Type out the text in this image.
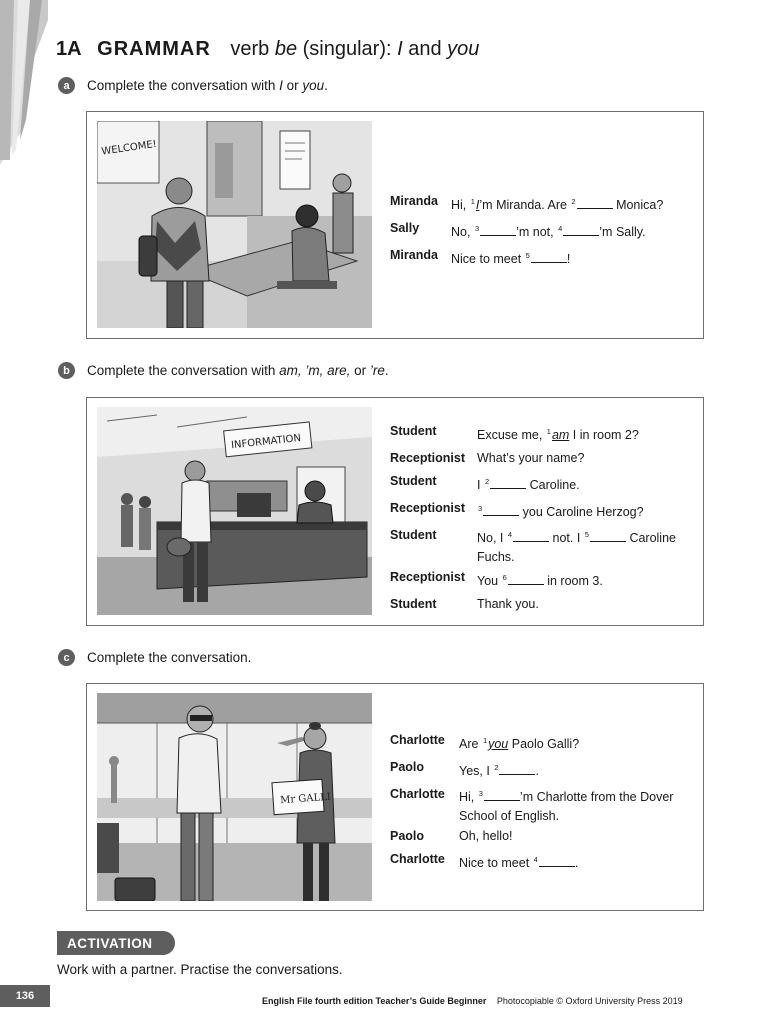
1A GRAMMAR verb be (singular): I and you
a	Complete the conversation with I or you.
WELCOME!
Miranda	Hi, $^1$I’m Miranda. Are $^2$	Monica?
Sally	No, $^3$	’m not, $^4$	’m Sally.
Miranda	Nice to meet $^5$	!
b	Complete the conversation with am, ’m, are, or ’re.
INFORMATION
Student	Excuse me, $^1$am I in room 2?
Receptionist What’s your name?
Student	I $^2$	Caroline.
Receptionist	$^3$	you Caroline Herzog?
Student	No, I $^4$	not. I $^5$	Caroline Fuchs.
Receptionist You $^6$	in room 3.
Student	Thank you.
c	Complete the conversation.
Mr GALLI
Charlotte	Are $^1$you Paolo Galli?
Paolo	Yes, I $^2$	.
Charlotte	Hi, $^3$	’m Charlotte from the Dover School of English.
Paolo	Oh, hello!
Charlotte	Nice to meet $^4$	.
ACTIVATION
Work with a partner. Practise the conversations.
136	English File fourth edition Teacher’s Guide Beginner Photocopiable © Oxford University Press 2019
